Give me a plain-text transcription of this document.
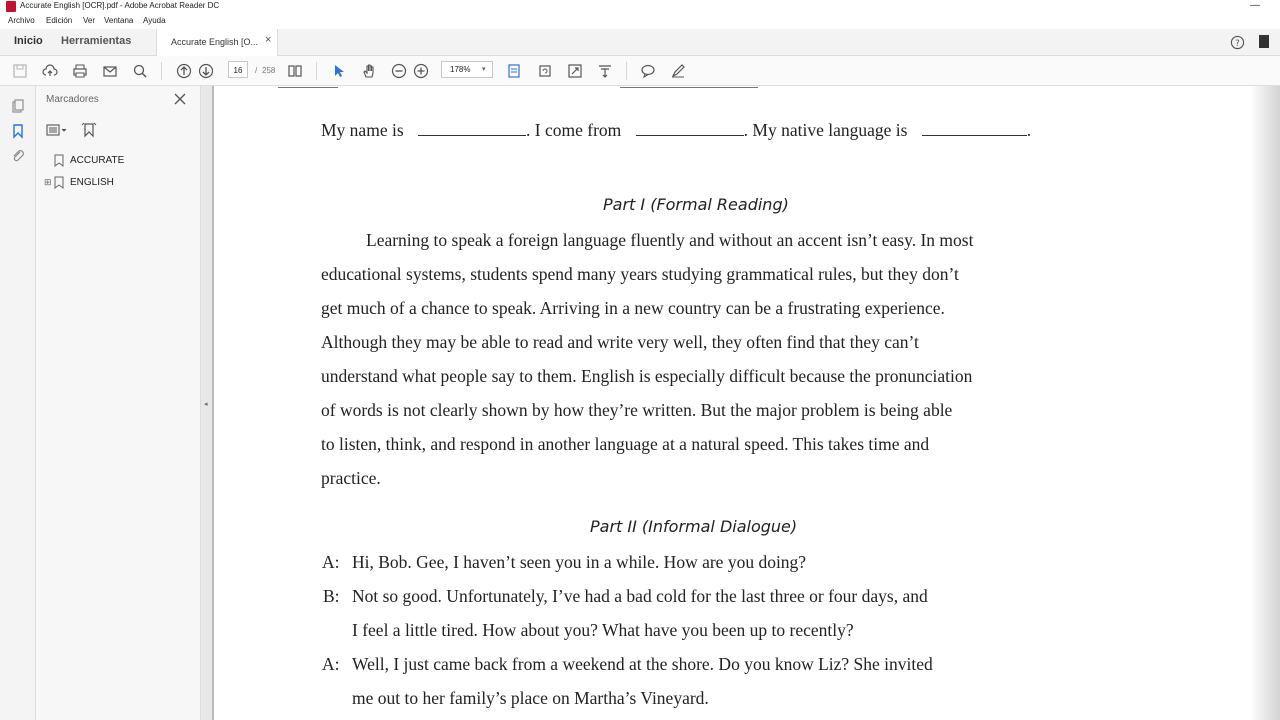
Accurate English [OCR].pdf - Adobe Acrobat Reader DC	—
Archivo Edición Ver Ventana Ayuda
Inicio Herramientas	Accurate English [O... ×	?
16	/ 258	178% ▾
Marcadores
ACCURATE
⊞ ENGLISH
◂
My name is	. I come from	. My native language is	.
Part I (Formal Reading)
Learning to speak a foreign language fluently and without an accent isn’t easy. In most
educational systems, students spend many years studying grammatical rules, but they don’t
get much of a chance to speak. Arriving in a new country can be a frustrating experience.
Although they may be able to read and write very well, they often find that they can’t
understand what people say to them. English is especially difficult because the pronunciation
of words is not clearly shown by how they’re written. But the major problem is being able
to listen, think, and respond in another language at a natural speed. This takes time and
practice.
Part II (Informal Dialogue)
A: Hi, Bob. Gee, I haven’t seen you in a while. How are you doing?
B: Not so good. Unfortunately, I’ve had a bad cold for the last three or four days, and
I feel a little tired. How about you? What have you been up to recently?
A: Well, I just came back from a weekend at the shore. Do you know Liz? She invited
me out to her family’s place on Martha’s Vineyard.
